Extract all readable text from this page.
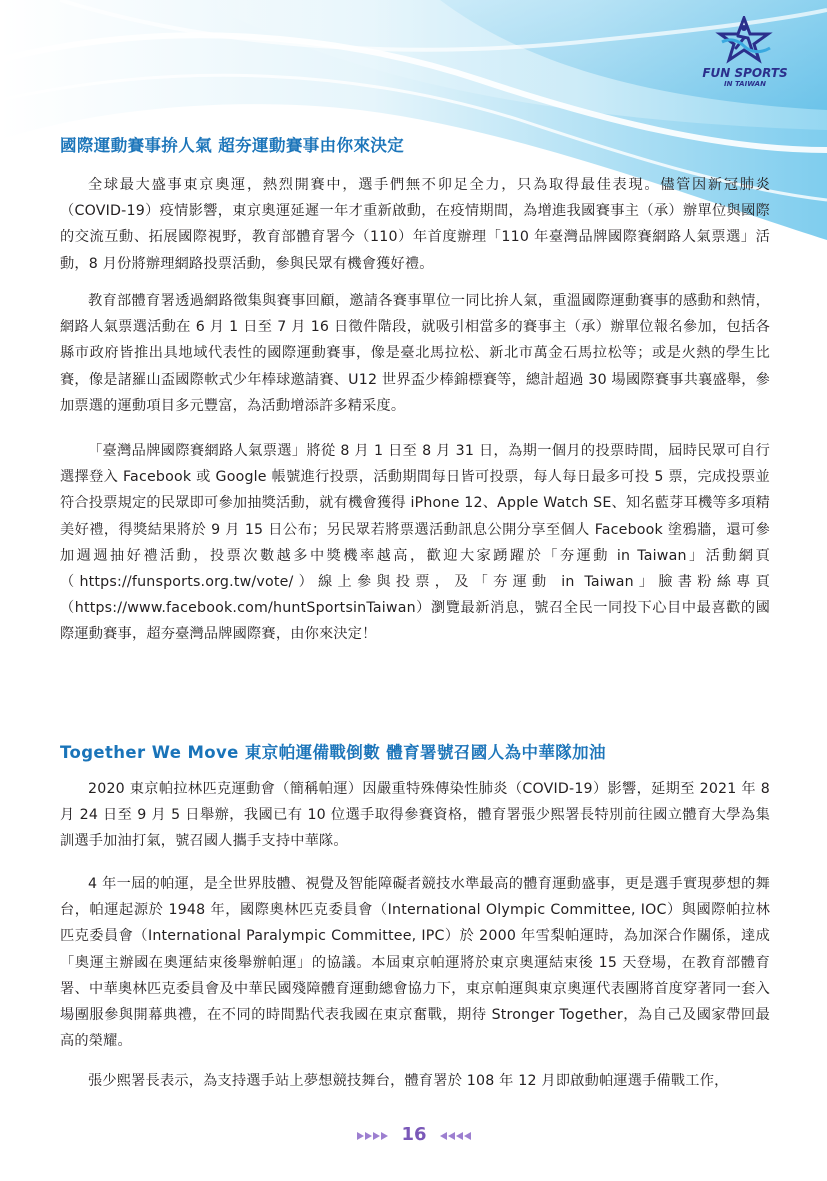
FUN SPORTS
IN TAIWAN
國際運動賽事拚人氣 超夯運動賽事由你來決定

全球最大盛事東京奧運，熱烈開賽中，選手們無不卯足全力，只為取得最佳表現。儘管因新冠肺炎（COVID-19）疫情影響，東京奧運延遲一年才重新啟動，在疫情期間，為增進我國賽事主（承）辦單位與國際的交流互動、拓展國際視野，教育部體育署今（110）年首度辦理「110 年臺灣品牌國際賽網路人氣票選」活動，8 月份將辦理網路投票活動，參與民眾有機會獲好禮。

教育部體育署透過網路徵集與賽事回顧，邀請各賽事單位一同比拚人氣，重溫國際運動賽事的感動和熱情，網路人氣票選活動在 6 月 1 日至 7 月 16 日徵件階段，就吸引相當多的賽事主（承）辦單位報名參加，包括各縣市政府皆推出具地域代表性的國際運動賽事，像是臺北馬拉松、新北市萬金石馬拉松等；或是火熱的學生比賽，像是諸羅山盃國際軟式少年棒球邀請賽、U12 世界盃少棒錦標賽等，總計超過 30 場國際賽事共襄盛舉，參加票選的運動項目多元豐富，為活動增添許多精采度。

「臺灣品牌國際賽網路人氣票選」將從 8 月 1 日至 8 月 31 日，為期一個月的投票時間，屆時民眾可自行選擇登入 Facebook 或 Google 帳號進行投票，活動期間每日皆可投票，每人每日最多可投 5 票，完成投票並符合投票規定的民眾即可參加抽獎活動，就有機會獲得 iPhone 12、Apple Watch SE、知名藍芽耳機等多項精美好禮，得獎結果將於 9 月 15 日公布；另民眾若將票選活動訊息公開分享至個人 Facebook 塗鴉牆，還可參加週週抽好禮活動，投票次數越多中獎機率越高，歡迎大家踴躍於「夯運動 in Taiwan」活動網頁（https://funsports.org.tw/vote/）線上參與投票，及「夯運動 in Taiwan」臉書粉絲專頁（https://www.facebook.com/huntSportsinTaiwan）瀏覽最新消息，號召全民一同投下心目中最喜歡的國際運動賽事，超夯臺灣品牌國際賽，由你來決定！

Together We Move 東京帕運備戰倒數 體育署號召國人為中華隊加油

2020 東京帕拉林匹克運動會（簡稱帕運）因嚴重特殊傳染性肺炎（COVID-19）影響，延期至 2021 年 8 月 24 日至 9 月 5 日舉辦，我國已有 10 位選手取得參賽資格，體育署張少熙署長特別前往國立體育大學為集訓選手加油打氣，號召國人攜手支持中華隊。

4 年一屆的帕運，是全世界肢體、視覺及智能障礙者競技水準最高的體育運動盛事，更是選手實現夢想的舞台，帕運起源於 1948 年，國際奧林匹克委員會（International Olympic Committee, IOC）與國際帕拉林匹克委員會（International Paralympic Committee, IPC）於 2000 年雪梨帕運時，為加深合作關係，達成「奧運主辦國在奧運結束後舉辦帕運」的協議。本屆東京帕運將於東京奧運結束後 15 天登場，在教育部體育署、中華奧林匹克委員會及中華民國殘障體育運動總會協力下，東京帕運與東京奧運代表團將首度穿著同一套入場團服參與開幕典禮，在不同的時間點代表我國在東京奮戰，期待 Stronger Together，為自己及國家帶回最高的榮耀。

張少熙署長表示，為支持選手站上夢想競技舞台，體育署於 108 年 12 月即啟動帕運選手備戰工作，

16
